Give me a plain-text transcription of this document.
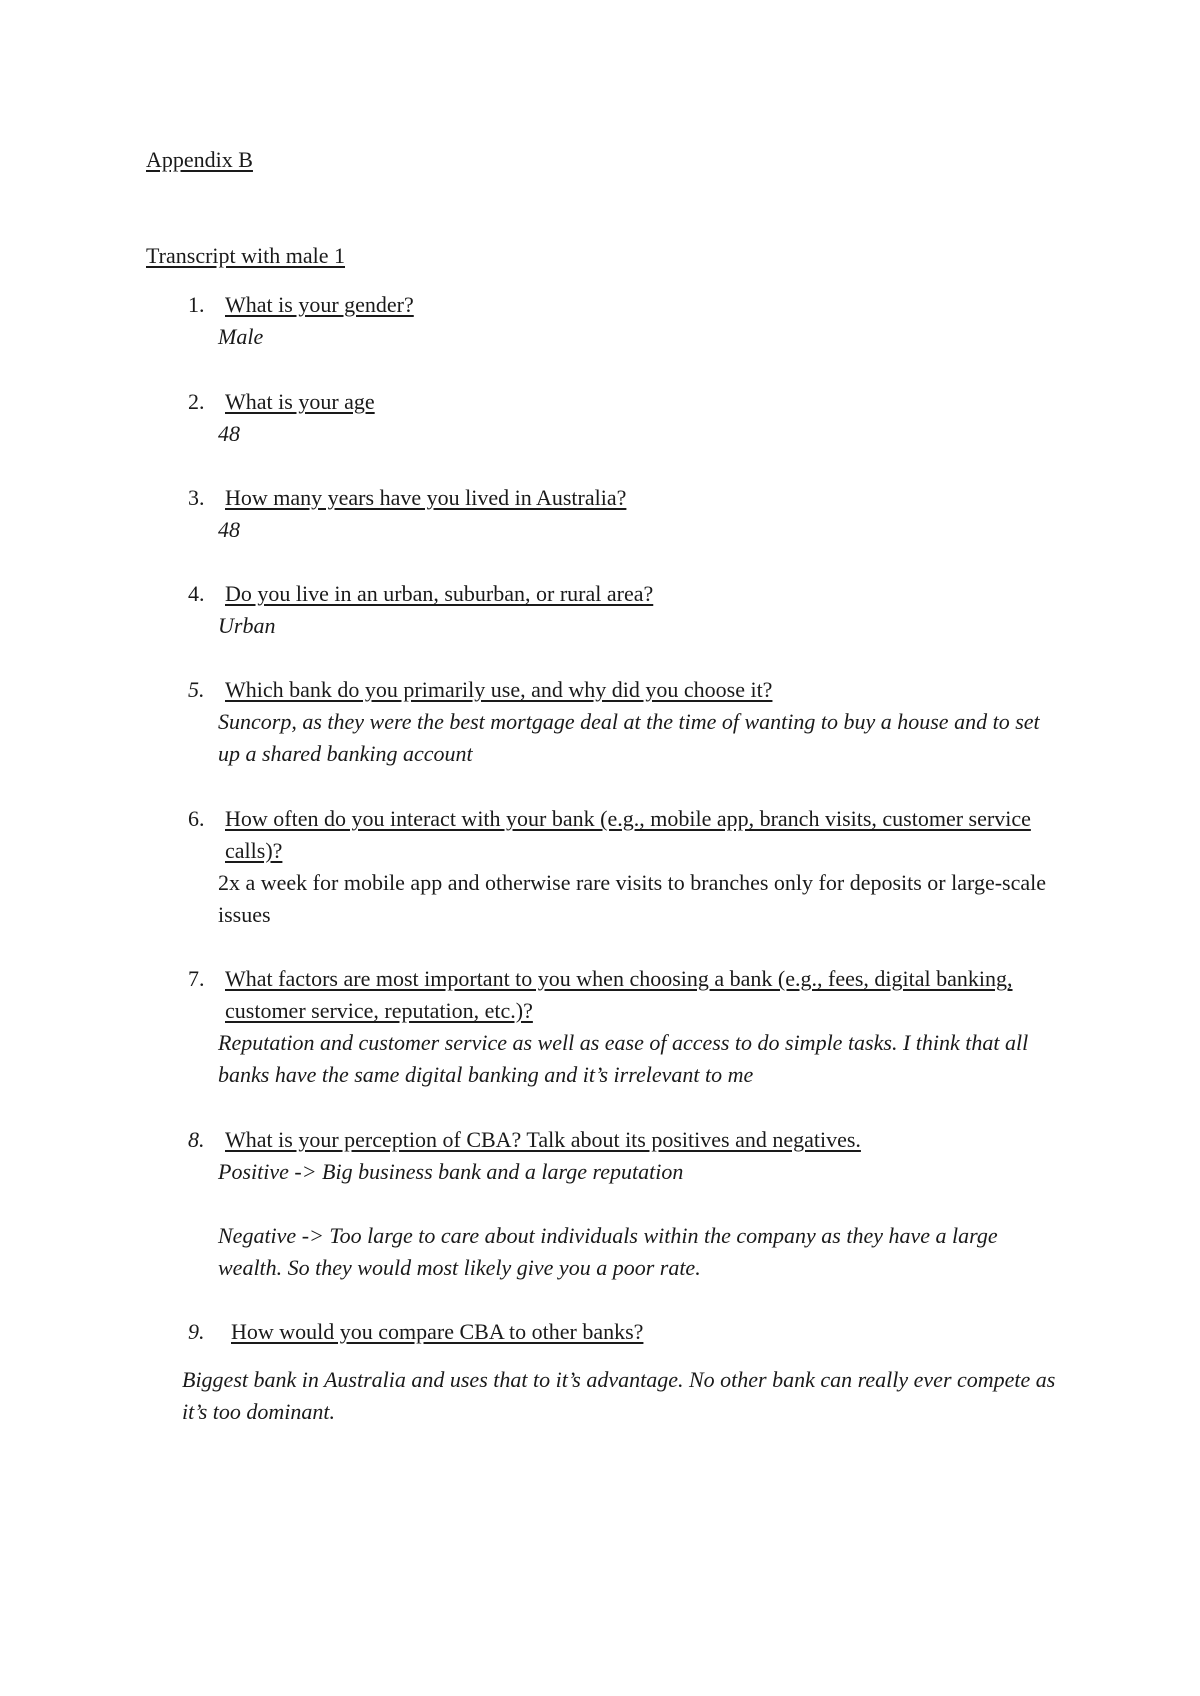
Appendix B
Transcript with male 1
1. What is your gender?
Male
2. What is your age
48
3. How many years have you lived in Australia?
48
4. Do you live in an urban, suburban, or rural area?
Urban
5. Which bank do you primarily use, and why did you choose it?
Suncorp, as they were the best mortgage deal at the time of wanting to buy a house and to set up a shared banking account
6. How often do you interact with your bank (e.g., mobile app, branch visits, customer service calls)?
2x a week for mobile app and otherwise rare visits to branches only for deposits or large-scale issues
7. What factors are most important to you when choosing a bank (e.g., fees, digital banking, customer service, reputation, etc.)?
Reputation and customer service as well as ease of access to do simple tasks. I think that all banks have the same digital banking and it’s irrelevant to me
8. What is your perception of CBA? Talk about its positives and negatives.
Positive -> Big business bank and a large reputation
Negative -> Too large to care about individuals within the company as they have a large wealth. So they would most likely give you a poor rate.
9. How would you compare CBA to other banks?
Biggest bank in Australia and uses that to it’s advantage. No other bank can really ever compete as it’s too dominant.
